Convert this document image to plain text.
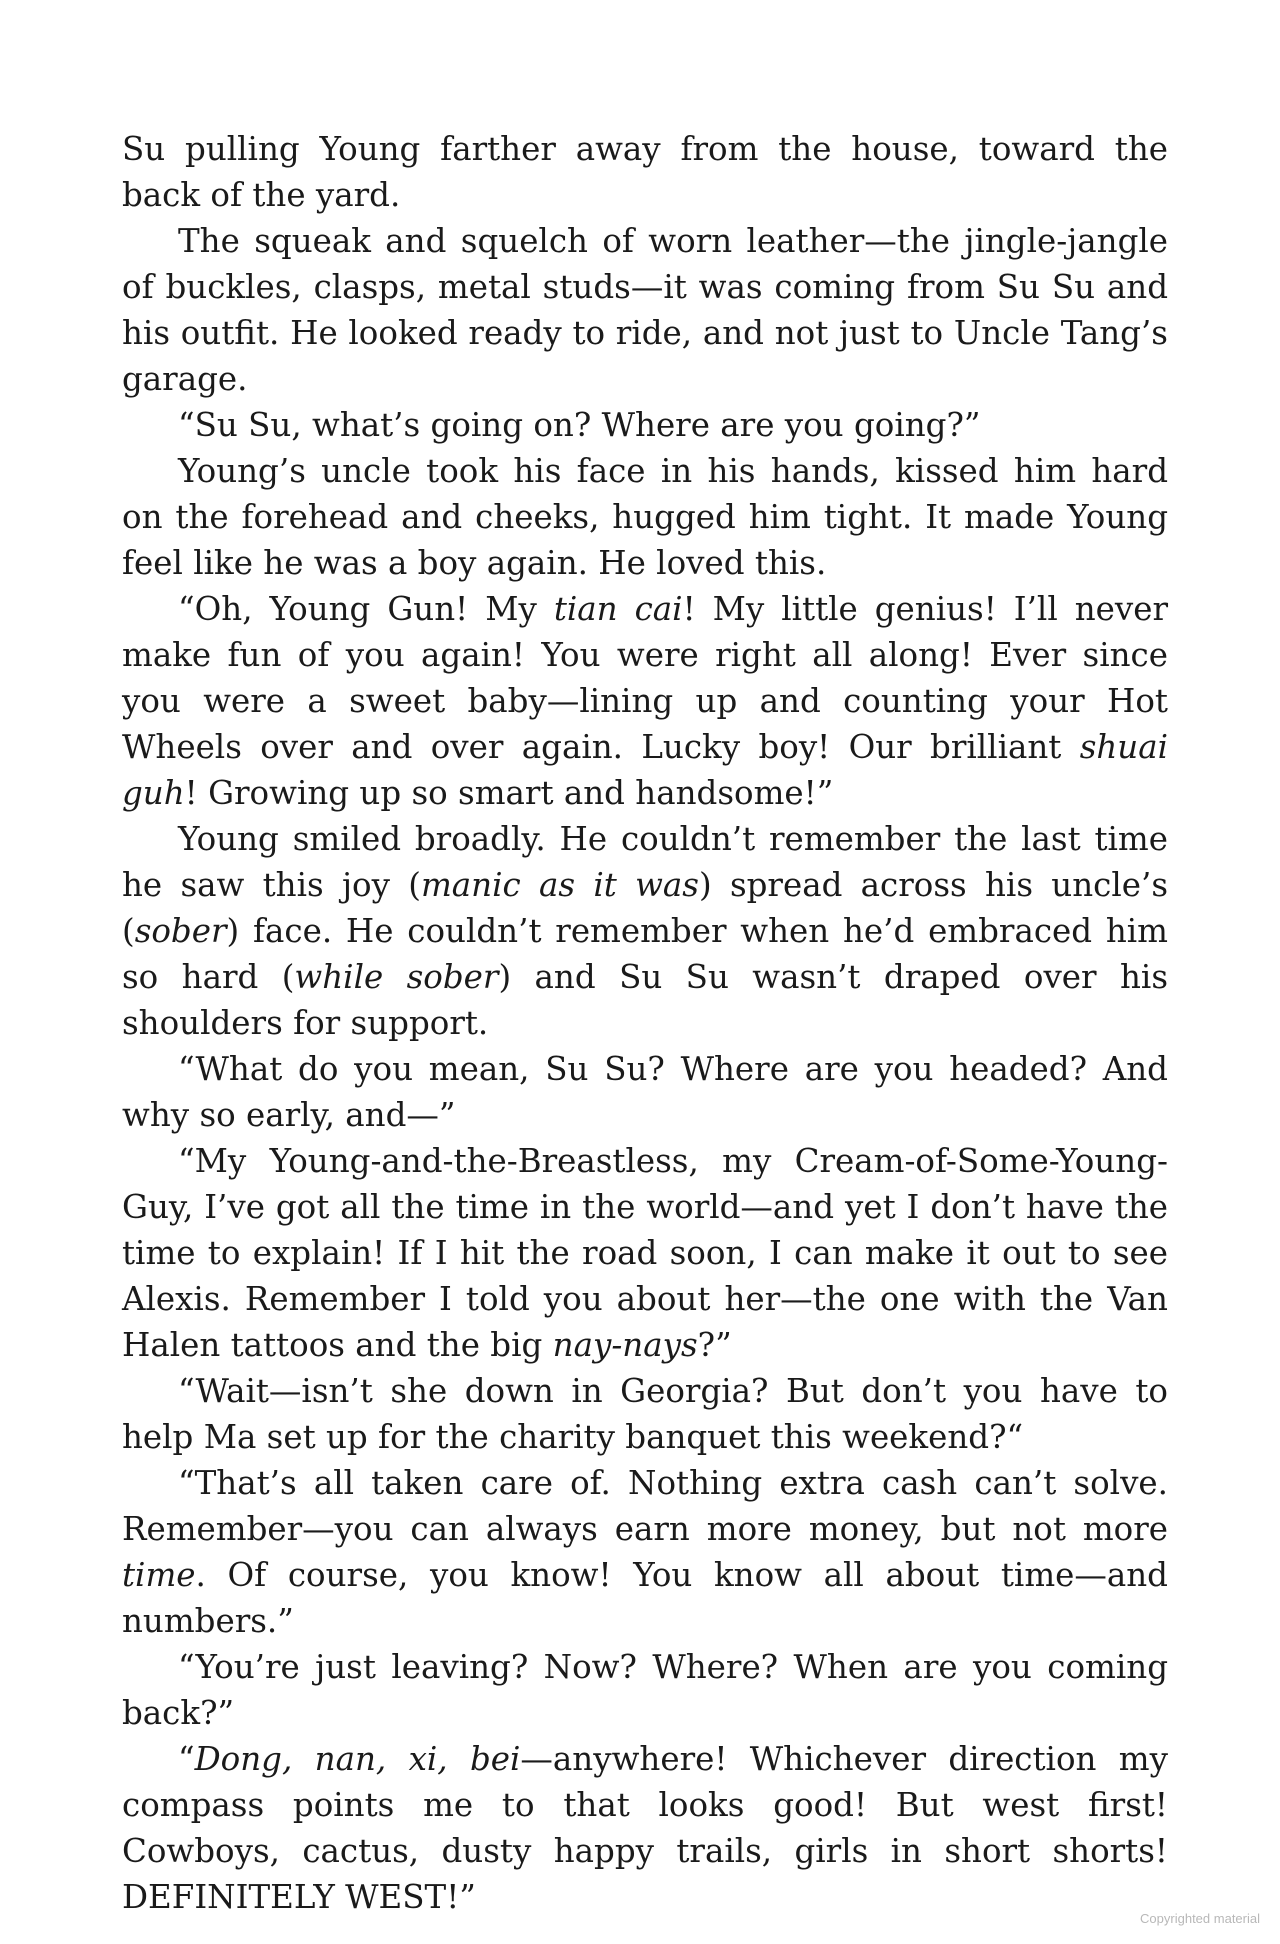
Su pulling Young farther away from the house, toward the back of the yard.

The squeak and squelch of worn leather—the jingle-jangle of buckles, clasps, metal studs—it was coming from Su Su and his outfit. He looked ready to ride, and not just to Uncle Tang’s garage.

“Su Su, what’s going on? Where are you going?”

Young’s uncle took his face in his hands, kissed him hard on the forehead and cheeks, hugged him tight. It made Young feel like he was a boy again. He loved this.

“Oh, Young Gun! My tian cai! My little genius! I’ll never make fun of you again! You were right all along! Ever since you were a sweet baby—lining up and counting your Hot Wheels over and over again. Lucky boy! Our brilliant shuai guh! Growing up so smart and handsome!”

Young smiled broadly. He couldn’t remember the last time he saw this joy (manic as it was) spread across his uncle’s (sober) face. He couldn’t remember when he’d embraced him so hard (while sober) and Su Su wasn’t draped over his shoulders for support.

“What do you mean, Su Su? Where are you headed? And why so early, and—”

“My Young-and-the-Breastless, my Cream-of-Some-Young-Guy, I’ve got all the time in the world—and yet I don’t have the time to explain! If I hit the road soon, I can make it out to see Alexis. Remember I told you about her—the one with the Van Halen tattoos and the big nay-nays?”

“Wait—isn’t she down in Georgia? But don’t you have to help Ma set up for the charity banquet this weekend?“

“That’s all taken care of. Nothing extra cash can’t solve. Remember—you can always earn more money, but not more time. Of course, you know! You know all about time—and numbers.”

“You’re just leaving? Now? Where? When are you coming back?”

“Dong, nan, xi, bei—anywhere! Whichever direction my compass points me to that looks good! But west first! Cowboys, cactus, dusty happy trails, girls in short shorts! DEFINITELY WEST!”

Copyrighted material
